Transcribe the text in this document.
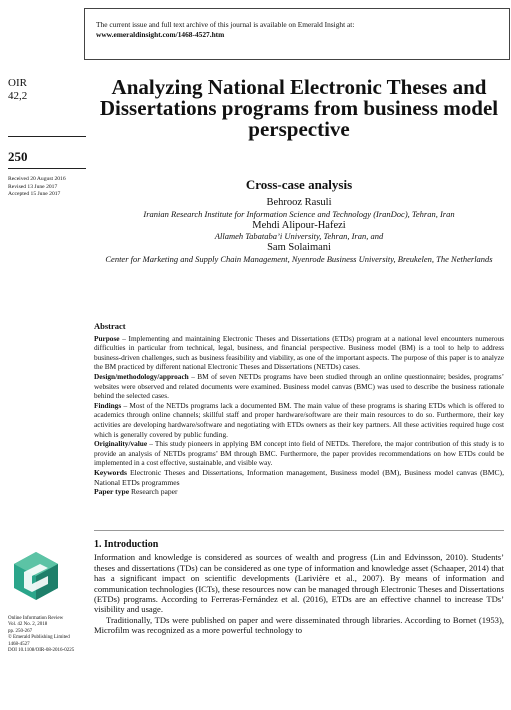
The current issue and full text archive of this journal is available on Emerald Insight at:
www.emeraldinsight.com/1468-4527.htm
OIR
42,2
250
Received 20 August 2016
Revised 13 June 2017
Accepted 15 June 2017
Analyzing National Electronic Theses and Dissertations programs from business model perspective
Cross-case analysis
Behrooz Rasuli
Iranian Research Institute for Information Science and Technology (IranDoc), Tehran, Iran
Mehdi Alipour-Hafezi
Allameh Tabataba’i University, Tehran, Iran, and
Sam Solaimani
Center for Marketing and Supply Chain Management, Nyenrode Business University, Breukelen, The Netherlands
Abstract

Purpose – Implementing and maintaining Electronic Theses and Dissertations (ETDs) program at a national level encounters numerous difficulties in particular from technical, legal, business, and financial perspective. Business model (BM) is a tool to help to address business-driven challenges, such as business feasibility and viability, as one of the important aspects. The purpose of this paper is to analyze the BM practiced by different national Electronic Theses and Dissertations (NETDs) cases.

Design/methodology/approach – BM of seven NETDs programs have been studied through an online questionnaire; besides, programs’ websites were observed and related documents were examined. Business model canvas (BMC) was used to describe the business rationale behind the selected cases.

Findings – Most of the NETDs programs lack a documented BM. The main value of these programs is sharing ETDs which is offered to academics through online channels; skillful staff and proper hardware/software are their main resources to do so. Furthermore, their key activities are developing hardware/software and negotiating with ETDs owners as their key partners. All these activities required huge cost which is generally covered by public funding.

Originality/value – This study pioneers in applying BM concept into field of NETDs. Therefore, the major contribution of this study is to provide an analysis of NETDs programs’ BM through BMC. Furthermore, the paper provides recommendations on how ETDs could be implemented in a cost effective, sustainable, and visible way.

Keywords Electronic Theses and Dissertations, Information management, Business model (BM), Business model canvas (BMC), National ETDs programmes

Paper type Research paper

1. Introduction

Information and knowledge is considered as sources of wealth and progress (Lin and Edvinsson, 2010). Students’ theses and dissertations (TDs) can be considered as one type of information and knowledge asset (Schaaper, 2014) that has a significant impact on scientific developments (Larivière et al., 2007). By means of information and communication technologies (ICTs), these resources now can be managed through Electronic Theses and Dissertations (ETDs) programs. According to Ferreras-Fernández et al. (2016), ETDs are an effective channel to increase TDs’ visibility and usage.

Traditionally, TDs were published on paper and were disseminated through libraries. According to Bornet (1953), Microfilm was recognized as a more powerful technology to

Online Information Review
Vol. 42 No. 2, 2018
pp. 250-267
© Emerald Publishing Limited
1468-4527
DOI 10.1108/OIR-08-2016-0225
